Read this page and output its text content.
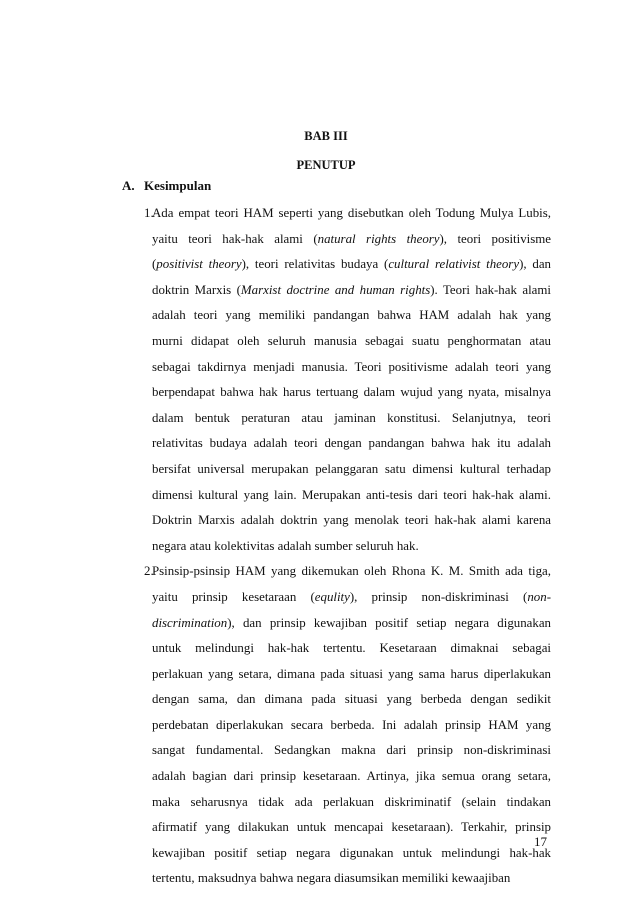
BAB III
PENUTUP
A. Kesimpulan
1.
Ada empat teori HAM seperti yang disebutkan oleh Todung Mulya Lubis,
yaitu teori hak-hak alami (natural rights theory), teori positivisme
(positivist theory), teori relativitas budaya (cultural relativist theory), dan
doktrin Marxis (Marxist doctrine and human rights). Teori hak-hak alami
adalah teori yang memiliki pandangan bahwa HAM adalah hak yang
murni didapat oleh seluruh manusia sebagai suatu penghormatan atau
sebagai takdirnya menjadi manusia. Teori positivisme adalah teori yang
berpendapat bahwa hak harus tertuang dalam wujud yang nyata, misalnya
dalam bentuk peraturan atau jaminan konstitusi. Selanjutnya, teori
relativitas budaya adalah teori dengan pandangan bahwa hak itu adalah
bersifat universal merupakan pelanggaran satu dimensi kultural terhadap
dimensi kultural yang lain. Merupakan anti-tesis dari teori hak-hak alami.
Doktrin Marxis adalah doktrin yang menolak teori hak-hak alami karena
negara atau kolektivitas adalah sumber seluruh hak.
2.
Psinsip-psinsip HAM yang dikemukan oleh Rhona K. M. Smith ada tiga,
yaitu prinsip kesetaraan (equlity), prinsip non-diskriminasi (non-
discrimination), dan prinsip kewajiban positif setiap negara digunakan
untuk melindungi hak-hak tertentu. Kesetaraan dimaknai sebagai
perlakuan yang setara, dimana pada situasi yang sama harus diperlakukan
dengan sama, dan dimana pada situasi yang berbeda dengan sedikit
perdebatan diperlakukan secara berbeda. Ini adalah prinsip HAM yang
sangat fundamental. Sedangkan makna dari prinsip non-diskriminasi
adalah bagian dari prinsip kesetaraan. Artinya, jika semua orang setara,
maka seharusnya tidak ada perlakuan diskriminatif (selain tindakan
afirmatif yang dilakukan untuk mencapai kesetaraan). Terkahir, prinsip
kewajiban positif setiap negara digunakan untuk melindungi hak-hak
tertentu, maksudnya bahwa negara diasumsikan memiliki kewaajiban
17
